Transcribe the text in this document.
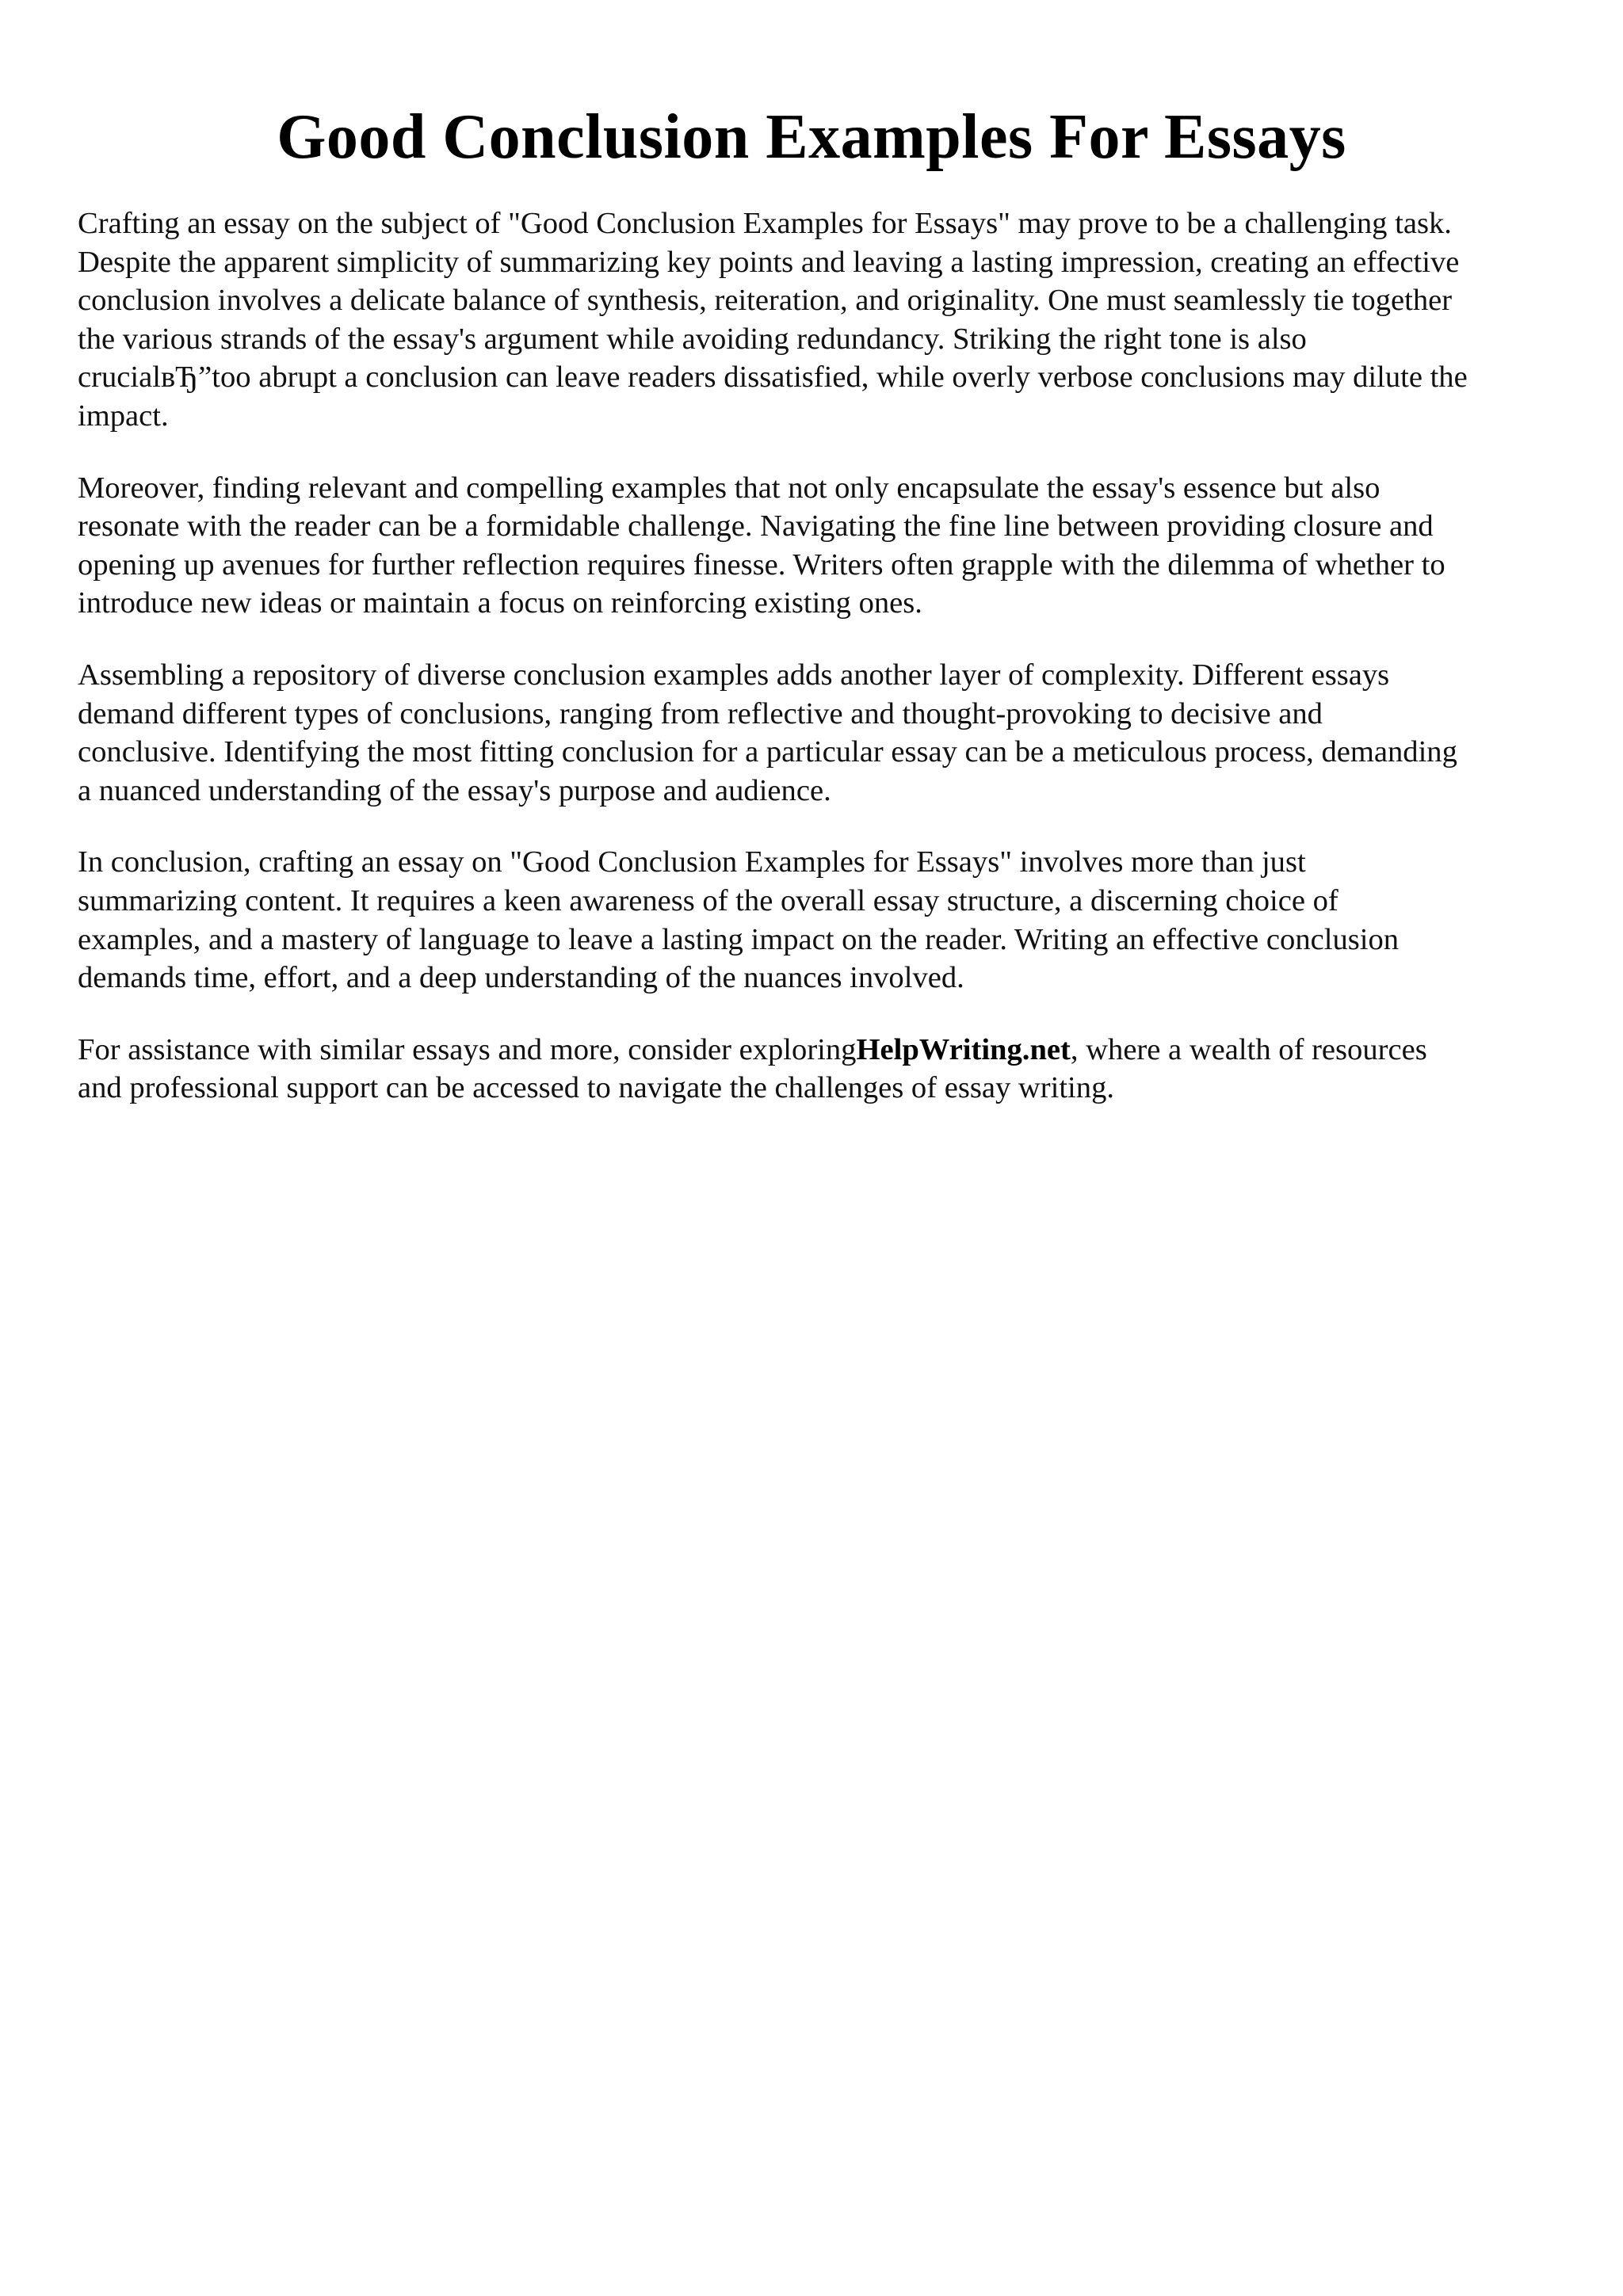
Good Conclusion Examples For Essays

Crafting an essay on the subject of "Good Conclusion Examples for Essays" may prove to be a challenging task.
Despite the apparent simplicity of summarizing key points and leaving a lasting impression, creating an effective
conclusion involves a delicate balance of synthesis, reiteration, and originality. One must seamlessly tie together
the various strands of the essay's argument while avoiding redundancy. Striking the right tone is also
crucialвЂ”too abrupt a conclusion can leave readers dissatisfied, while overly verbose conclusions may dilute the
impact.

Moreover, finding relevant and compelling examples that not only encapsulate the essay's essence but also
resonate with the reader can be a formidable challenge. Navigating the fine line between providing closure and
opening up avenues for further reflection requires finesse. Writers often grapple with the dilemma of whether to
introduce new ideas or maintain a focus on reinforcing existing ones.

Assembling a repository of diverse conclusion examples adds another layer of complexity. Different essays
demand different types of conclusions, ranging from reflective and thought-provoking to decisive and
conclusive. Identifying the most fitting conclusion for a particular essay can be a meticulous process, demanding
a nuanced understanding of the essay's purpose and audience.

In conclusion, crafting an essay on "Good Conclusion Examples for Essays" involves more than just
summarizing content. It requires a keen awareness of the overall essay structure, a discerning choice of
examples, and a mastery of language to leave a lasting impact on the reader. Writing an effective conclusion
demands time, effort, and a deep understanding of the nuances involved.

For assistance with similar essays and more, consider exploringHelpWriting.net, where a wealth of resources
and professional support can be accessed to navigate the challenges of essay writing.
